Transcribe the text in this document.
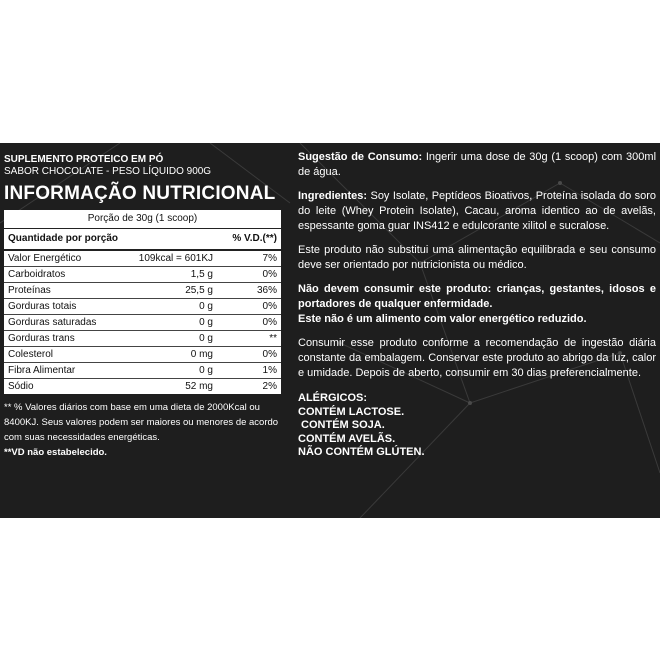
SUPLEMENTO PROTEICO EM PÓ
SABOR CHOCOLATE - PESO LÍQUIDO 900G
INFORMAÇÃO NUTRICIONAL
Porção de 30g (1 scoop)
Quantidade por porção	% V.D.(**)
Valor Energético	109kcal = 601KJ	7%
Carboidratos	1,5 g	0%
Proteínas	25,5 g	36%
Gorduras totais	0 g	0%
Gorduras saturadas	0 g	0%
Gorduras trans	0 g	**
Colesterol	0 mg	0%
Fibra Alimentar	0 g	1%
Sódio	52 mg	2%
** % Valores diários com base em uma dieta de 2000Kcal ou 8400KJ. Seus valores podem ser maiores ou menores de acordo com suas necessidades energéticas.
**VD não estabelecido.

Sugestão de Consumo: Ingerir uma dose de 30g (1 scoop) com 300ml de água.

Ingredientes: Soy Isolate, Peptídeos Bioativos, Proteína isolada do soro do leite (Whey Protein Isolate), Cacau, aroma identico ao de avelãs, espessante goma guar INS412 e edulcorante xilitol e sucralose.

Este produto não substitui uma alimentação equilibrada e seu consumo deve ser orientado por nutricionista ou médico.

Não devem consumir este produto: crianças, gestantes, idosos e portadores de qualquer enfermidade.

Este não é um alimento com valor energético reduzido.

Consumir esse produto conforme a recomendação de ingestão diária constante da embalagem. Conservar este produto ao abrigo da luz, calor e umidade. Depois de aberto, consumir em 30 dias preferencialmente.

ALÉRGICOS:
CONTÉM LACTOSE.
CONTÉM SOJA.
CONTÉM AVELÃS.
NÃO CONTÉM GLÚTEN.
